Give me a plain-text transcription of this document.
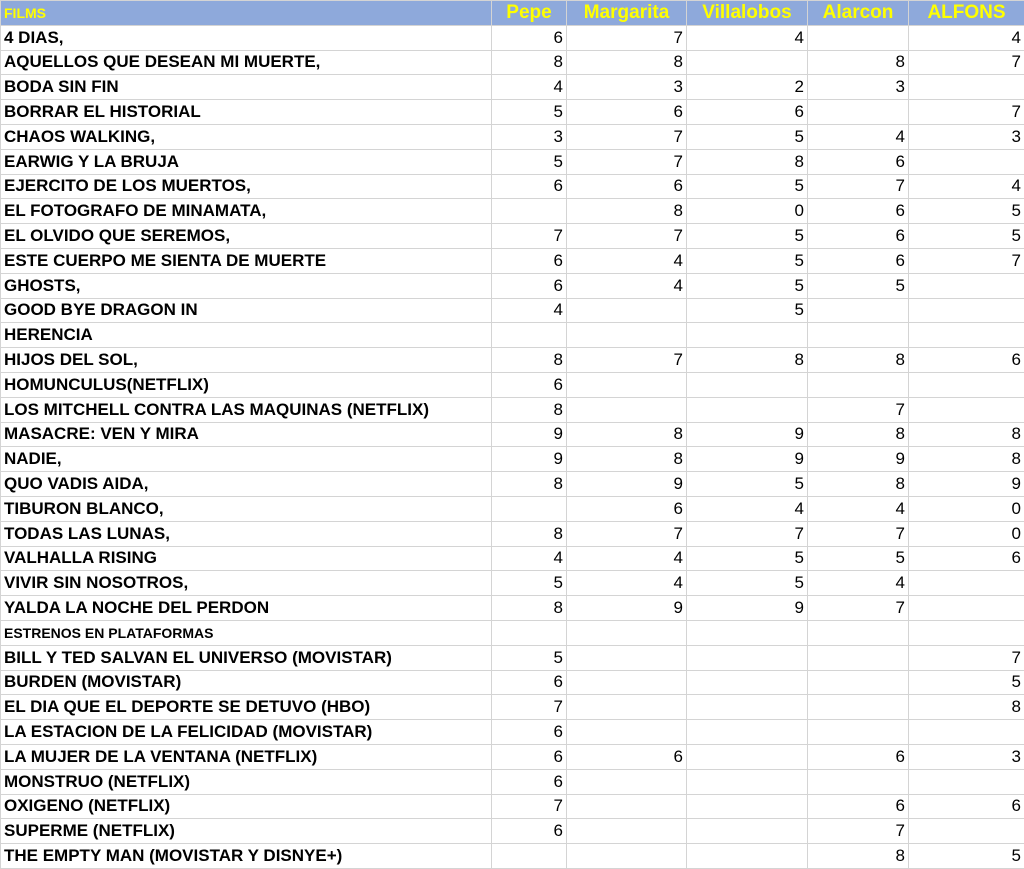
FILMS	Pepe	Margarita	Villalobos	Alarcon	ALFONS
4 DIAS,	6	7	4		4
AQUELLOS QUE DESEAN MI MUERTE,	8	8		8	7
BODA SIN FIN	4	3	2	3	
BORRAR EL HISTORIAL	5	6	6		7
CHAOS WALKING,	3	7	5	4	3
EARWIG Y LA BRUJA	5	7	8	6	
EJERCITO DE LOS MUERTOS,	6	6	5	7	4
EL FOTOGRAFO DE MINAMATA,		8	0	6	5
EL OLVIDO QUE SEREMOS,	7	7	5	6	5
ESTE CUERPO ME SIENTA DE MUERTE	6	4	5	6	7
GHOSTS,	6	4	5	5	
GOOD BYE DRAGON IN	4		5		
HERENCIA					
HIJOS DEL SOL,	8	7	8	8	6
HOMUNCULUS(NETFLIX)	6				
LOS MITCHELL CONTRA LAS MAQUINAS (NETFLIX)	8			7	
MASACRE: VEN Y MIRA	9	8	9	8	8
NADIE,	9	8	9	9	8
QUO VADIS AIDA,	8	9	5	8	9
TIBURON BLANCO,		6	4	4	0
TODAS LAS LUNAS,	8	7	7	7	0
VALHALLA RISING	4	4	5	5	6
VIVIR SIN NOSOTROS,	5	4	5	4	
YALDA LA NOCHE DEL PERDON	8	9	9	7	
ESTRENOS EN PLATAFORMAS					
BILL Y TED SALVAN EL UNIVERSO (MOVISTAR)	5				7
BURDEN (MOVISTAR)	6				5
EL DIA QUE EL DEPORTE SE DETUVO (HBO)	7				8
LA ESTACION DE LA FELICIDAD (MOVISTAR)	6				
LA MUJER DE LA VENTANA (NETFLIX)	6	6		6	3
MONSTRUO (NETFLIX)	6				
OXIGENO (NETFLIX)	7			6	6
SUPERME (NETFLIX)	6			7	
THE EMPTY MAN (MOVISTAR Y DISNYE+)				8	5
